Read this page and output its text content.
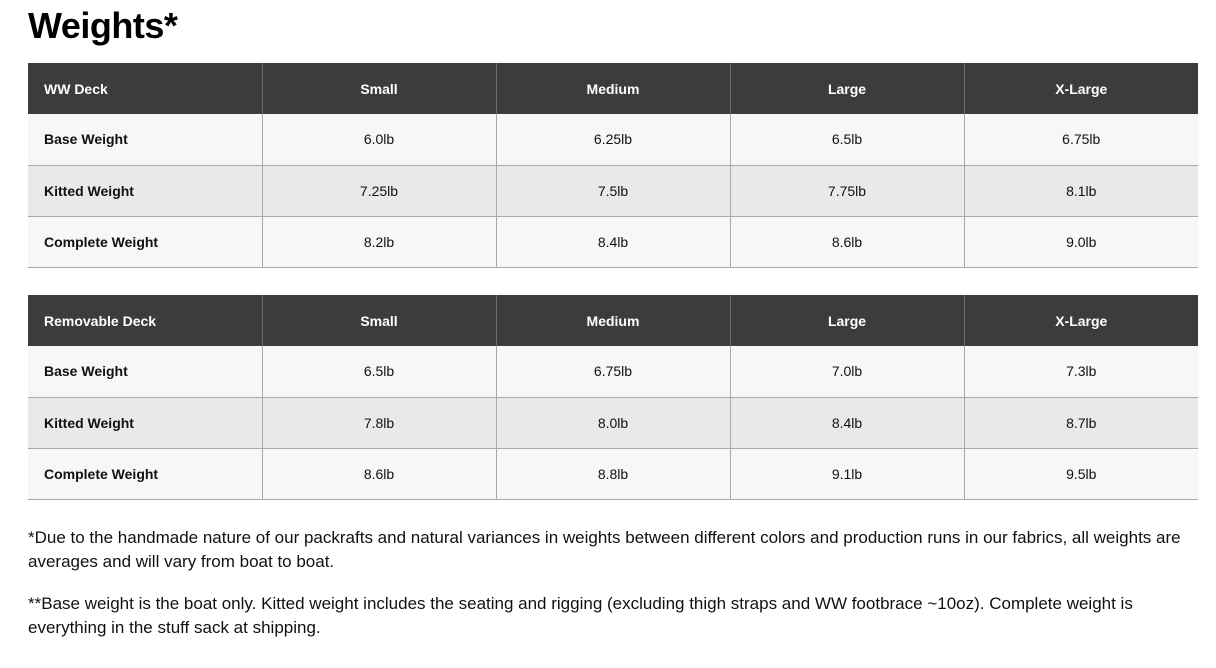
Weights*
WW Deck	Small	Medium	Large	X-Large
Base Weight	6.0lb	6.25lb	6.5lb	6.75lb
Kitted Weight	7.25lb	7.5lb	7.75lb	8.1lb
Complete Weight	8.2lb	8.4lb	8.6lb	9.0lb
Removable Deck	Small	Medium	Large	X-Large
Base Weight	6.5lb	6.75lb	7.0lb	7.3lb
Kitted Weight	7.8lb	8.0lb	8.4lb	8.7lb
Complete Weight	8.6lb	8.8lb	9.1lb	9.5lb

*Due to the handmade nature of our packrafts and natural variances in weights between different colors and production runs in our fabrics, all weights are averages and will vary from boat to boat.

**Base weight is the boat only. Kitted weight includes the seating and rigging (excluding thigh straps and WW footbrace ~10oz). Complete weight is everything in the stuff sack at shipping.
